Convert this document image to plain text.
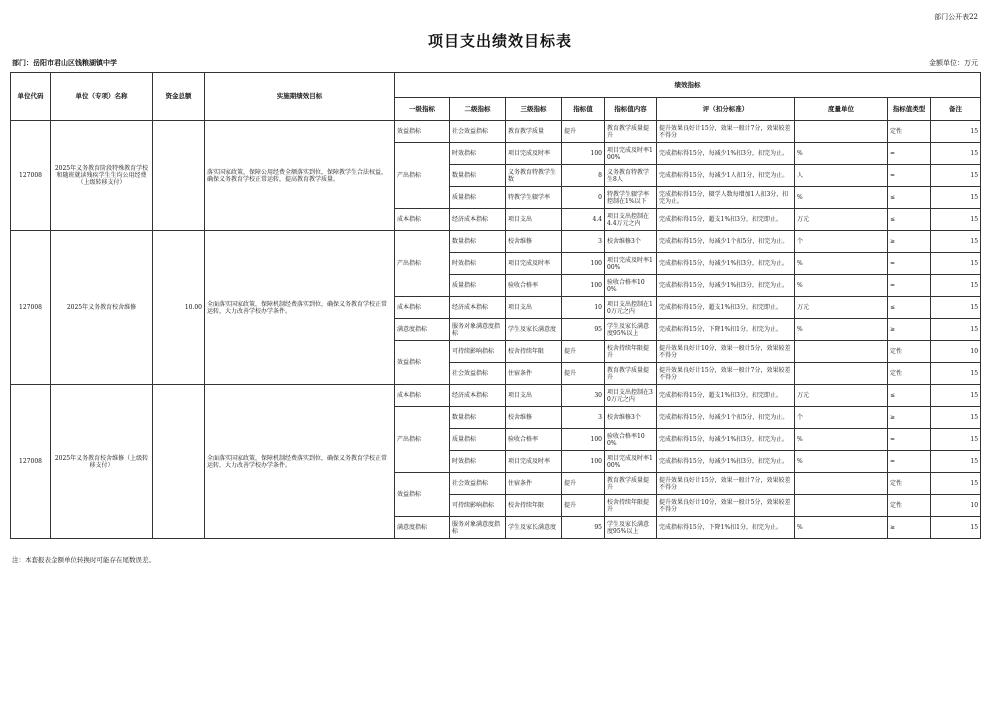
部门公开表22
项目支出绩效目标表
部门：岳阳市君山区钱粮湖镇中学	金额单位：万元
单位代码	单位（专项）名称	资金总额	实施期绩效目标	绩效指标								
				一级指标	二级指标	三级指标	指标值	指标值内容	评（扣分标准）	度量单位	指标值类型	备注
127008	2025年义务教育阶段特殊教育学校和随班就读残疾学生生均公用经费（上级转移支付）		落实国家政策，保障公用经费全额落实到位，保障教学生合法权益，确保义务教育学校正常运转，提高教育教学质量。	效益指标	社会效益指标	教育教学质量	提升	教育教学质量提升	提升效果良好计15分，效果一般计7分，效果较差不得分		定性	15
				产出指标	时效指标	项目完成及时率	100	项目完成及时率100%	完成指标得15分，每减少1%扣3分，扣完为止。	%	=	15
					数量指标	义务教育特教学生数	8	义务教育特教学生8人	完成指标得15分，每减少1人扣1分，扣完为止。	人	=	15
					质量指标	特教学生辍学率	0	特教学生辍学率控制在1%以下	完成指标得15分，辍学人数每增加1人扣3分，扣完为止。	%	≤	15
				成本指标	经济成本指标	项目支出	4.4	项目支出控制在4.4万元之内	完成指标得15分，超支1%扣3分，扣完即止。	万元	≤	15
127008	2025年义务教育校舍维修	10.00	全面落实国家政策，保障机制经费落实到位，确保义务教育学校正常运转，大力改善学校办学条件。	产出指标	数量指标	校舍维修	3	校舍维修3个	完成指标得15分，每减少1个扣5分，扣完为止。	个	≥	15
					时效指标	项目完成及时率	100	项目完成及时率100%	完成指标得15分，每减少1%扣3分，扣完为止。	%	=	15
					质量指标	验收合格率	100	验收合格率100%	完成指标得15分，每减少1%扣3分，扣完为止。	%	=	15
				成本指标	经济成本指标	项目支出	10	项目支出控制在10万元之内	完成指标得15分，超支1%扣3分，扣完即止。	万元	≤	15
				满意度指标	服务对象满意度指标	学生及家长满意度	95	学生及家长满意度95%以上	完成指标得15分，下降1%扣1分，扣完为止。	%	≥	15
				效益指标	可持续影响指标	校舍持续年限	提升	校舍持续年限提升	提升效果良好计10分，效果一般计5分，效果较差不得分		定性	10
					社会效益指标	住宿条件	提升	教育教学质量提升	提升效果良好计15分，效果一般计7分，效果较差不得分		定性	15
127008	2025年义务教育校舍维修（上级转移支付）		全面落实国家政策，保障机制经费落实到位，确保义务教育学校正常运转，大力改善学校办学条件。	成本指标	经济成本指标	项目支出	30	项目支出控制在30万元之内	完成指标得15分，超支1%扣3分，扣完即止。	万元	≤	15
				产出指标	数量指标	校舍维修	3	校舍维修3个	完成指标得15分，每减少1个扣5分，扣完为止。	个	≥	15
					质量指标	验收合格率	100	验收合格率100%	完成指标得15分，每减少1%扣3分，扣完为止。	%	=	15
					时效指标	项目完成及时率	100	项目完成及时率100%	完成指标得15分，每减少1%扣3分，扣完为止。	%	=	15
				效益指标	社会效益指标	住宿条件	提升	教育教学质量提升	提升效果良好计15分，效果一般计7分，效果较差不得分		定性	15
					可持续影响指标	校舍持续年限	提升	校舍持续年限提升	提升效果良好计10分，效果一般计5分，效果较差不得分		定性	10
				满意度指标	服务对象满意度指标	学生及家长满意度	95	学生及家长满意度95%以上	完成指标得15分，下降1%扣1分，扣完为止。	%	≥	15
注：本套报表金额单位转换时可能存在尾数误差。
